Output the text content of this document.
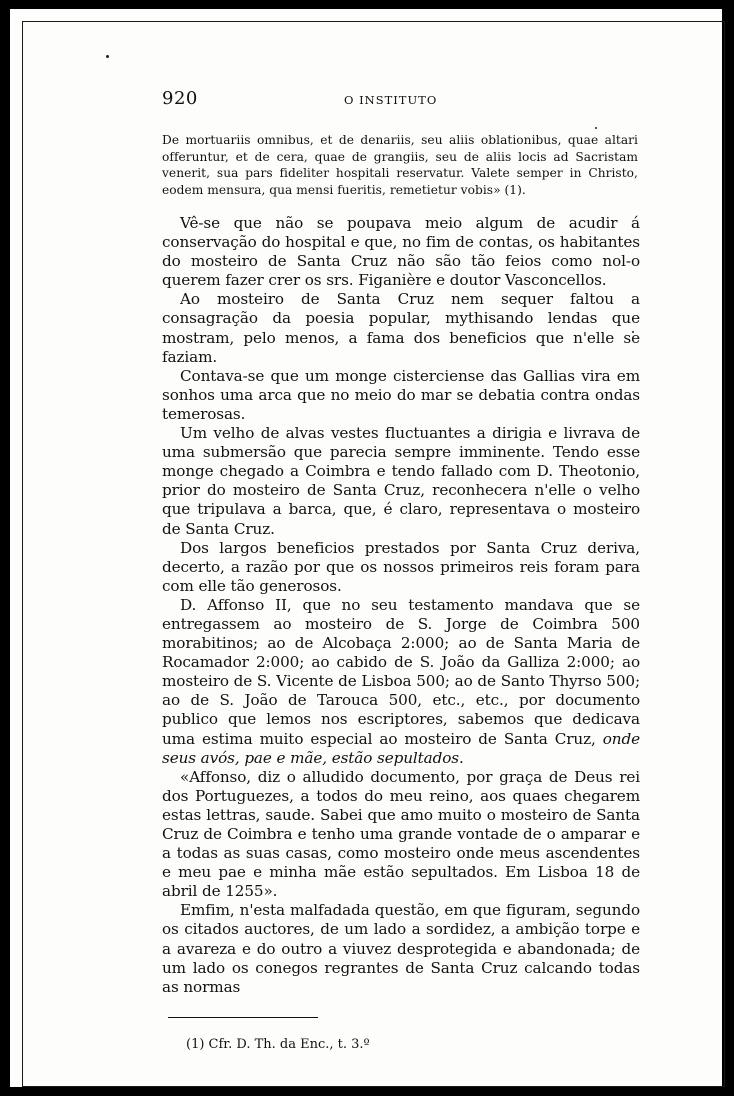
920	O INSTITUTO

De mortuariis omnibus, et de denariis, seu aliis oblationibus, quae altari offeruntur, et de cera, quae de grangiis, seu de aliis locis ad Sacristam venerit, sua pars fideliter hospitali reservatur. Valete semper in Christo, eodem mensura, qua mensi fueritis, remetietur vobis» (1).

Vê-se que não se poupava meio algum de acudir á conservação do hospital e que, no fim de contas, os habitantes do mosteiro de Santa Cruz não são tão feios como nol-o querem fazer crer os srs. Figanière e doutor Vasconcellos.

Ao mosteiro de Santa Cruz nem sequer faltou a consagração da poesia popular, mythisando lendas que mostram, pelo menos, a fama dos beneficios que n'elle se faziam.

Contava-se que um monge cisterciense das Gallias vira em sonhos uma arca que no meio do mar se debatia contra ondas temerosas.

Um velho de alvas vestes fluctuantes a dirigia e livrava de uma submersão que parecia sempre imminente. Tendo esse monge chegado a Coimbra e tendo fallado com D. Theotonio, prior do mosteiro de Santa Cruz, reconhecera n'elle o velho que tripulava a barca, que, é claro, representava o mosteiro de Santa Cruz.

Dos largos beneficios prestados por Santa Cruz deriva, decerto, a razão por que os nossos primeiros reis foram para com elle tão generosos.

D. Affonso II, que no seu testamento mandava que se entregassem ao mosteiro de S. Jorge de Coimbra 500 morabitinos; ao de Alcobaça 2:000; ao de Santa Maria de Rocamador 2:000; ao cabido de S. João da Galliza 2:000; ao mosteiro de S. Vicente de Lisboa 500; ao de Santo Thyrso 500; ao de S. João de Tarouca 500, etc., etc., por documento publico que lemos nos escriptores, sabemos que dedicava uma estima muito especial ao mosteiro de Santa Cruz, onde seus avós, pae e mãe, estão sepultados.

«Affonso, diz o alludido documento, por graça de Deus rei dos Portuguezes, a todos do meu reino, aos quaes chegarem estas lettras, saude. Sabei que amo muito o mosteiro de Santa Cruz de Coimbra e tenho uma grande vontade de o amparar e a todas as suas casas, como mosteiro onde meus ascendentes e meu pae e minha mãe estão sepultados. Em Lisboa 18 de abril de 1255».

Emfim, n'esta malfadada questão, em que figuram, segundo os citados auctores, de um lado a sordidez, a ambição torpe e a avareza e do outro a viuvez desprotegida e abandonada; de um lado os conegos regrantes de Santa Cruz calcando todas as normas

(1) Cfr. D. Th. da Enc., t. 3.º
